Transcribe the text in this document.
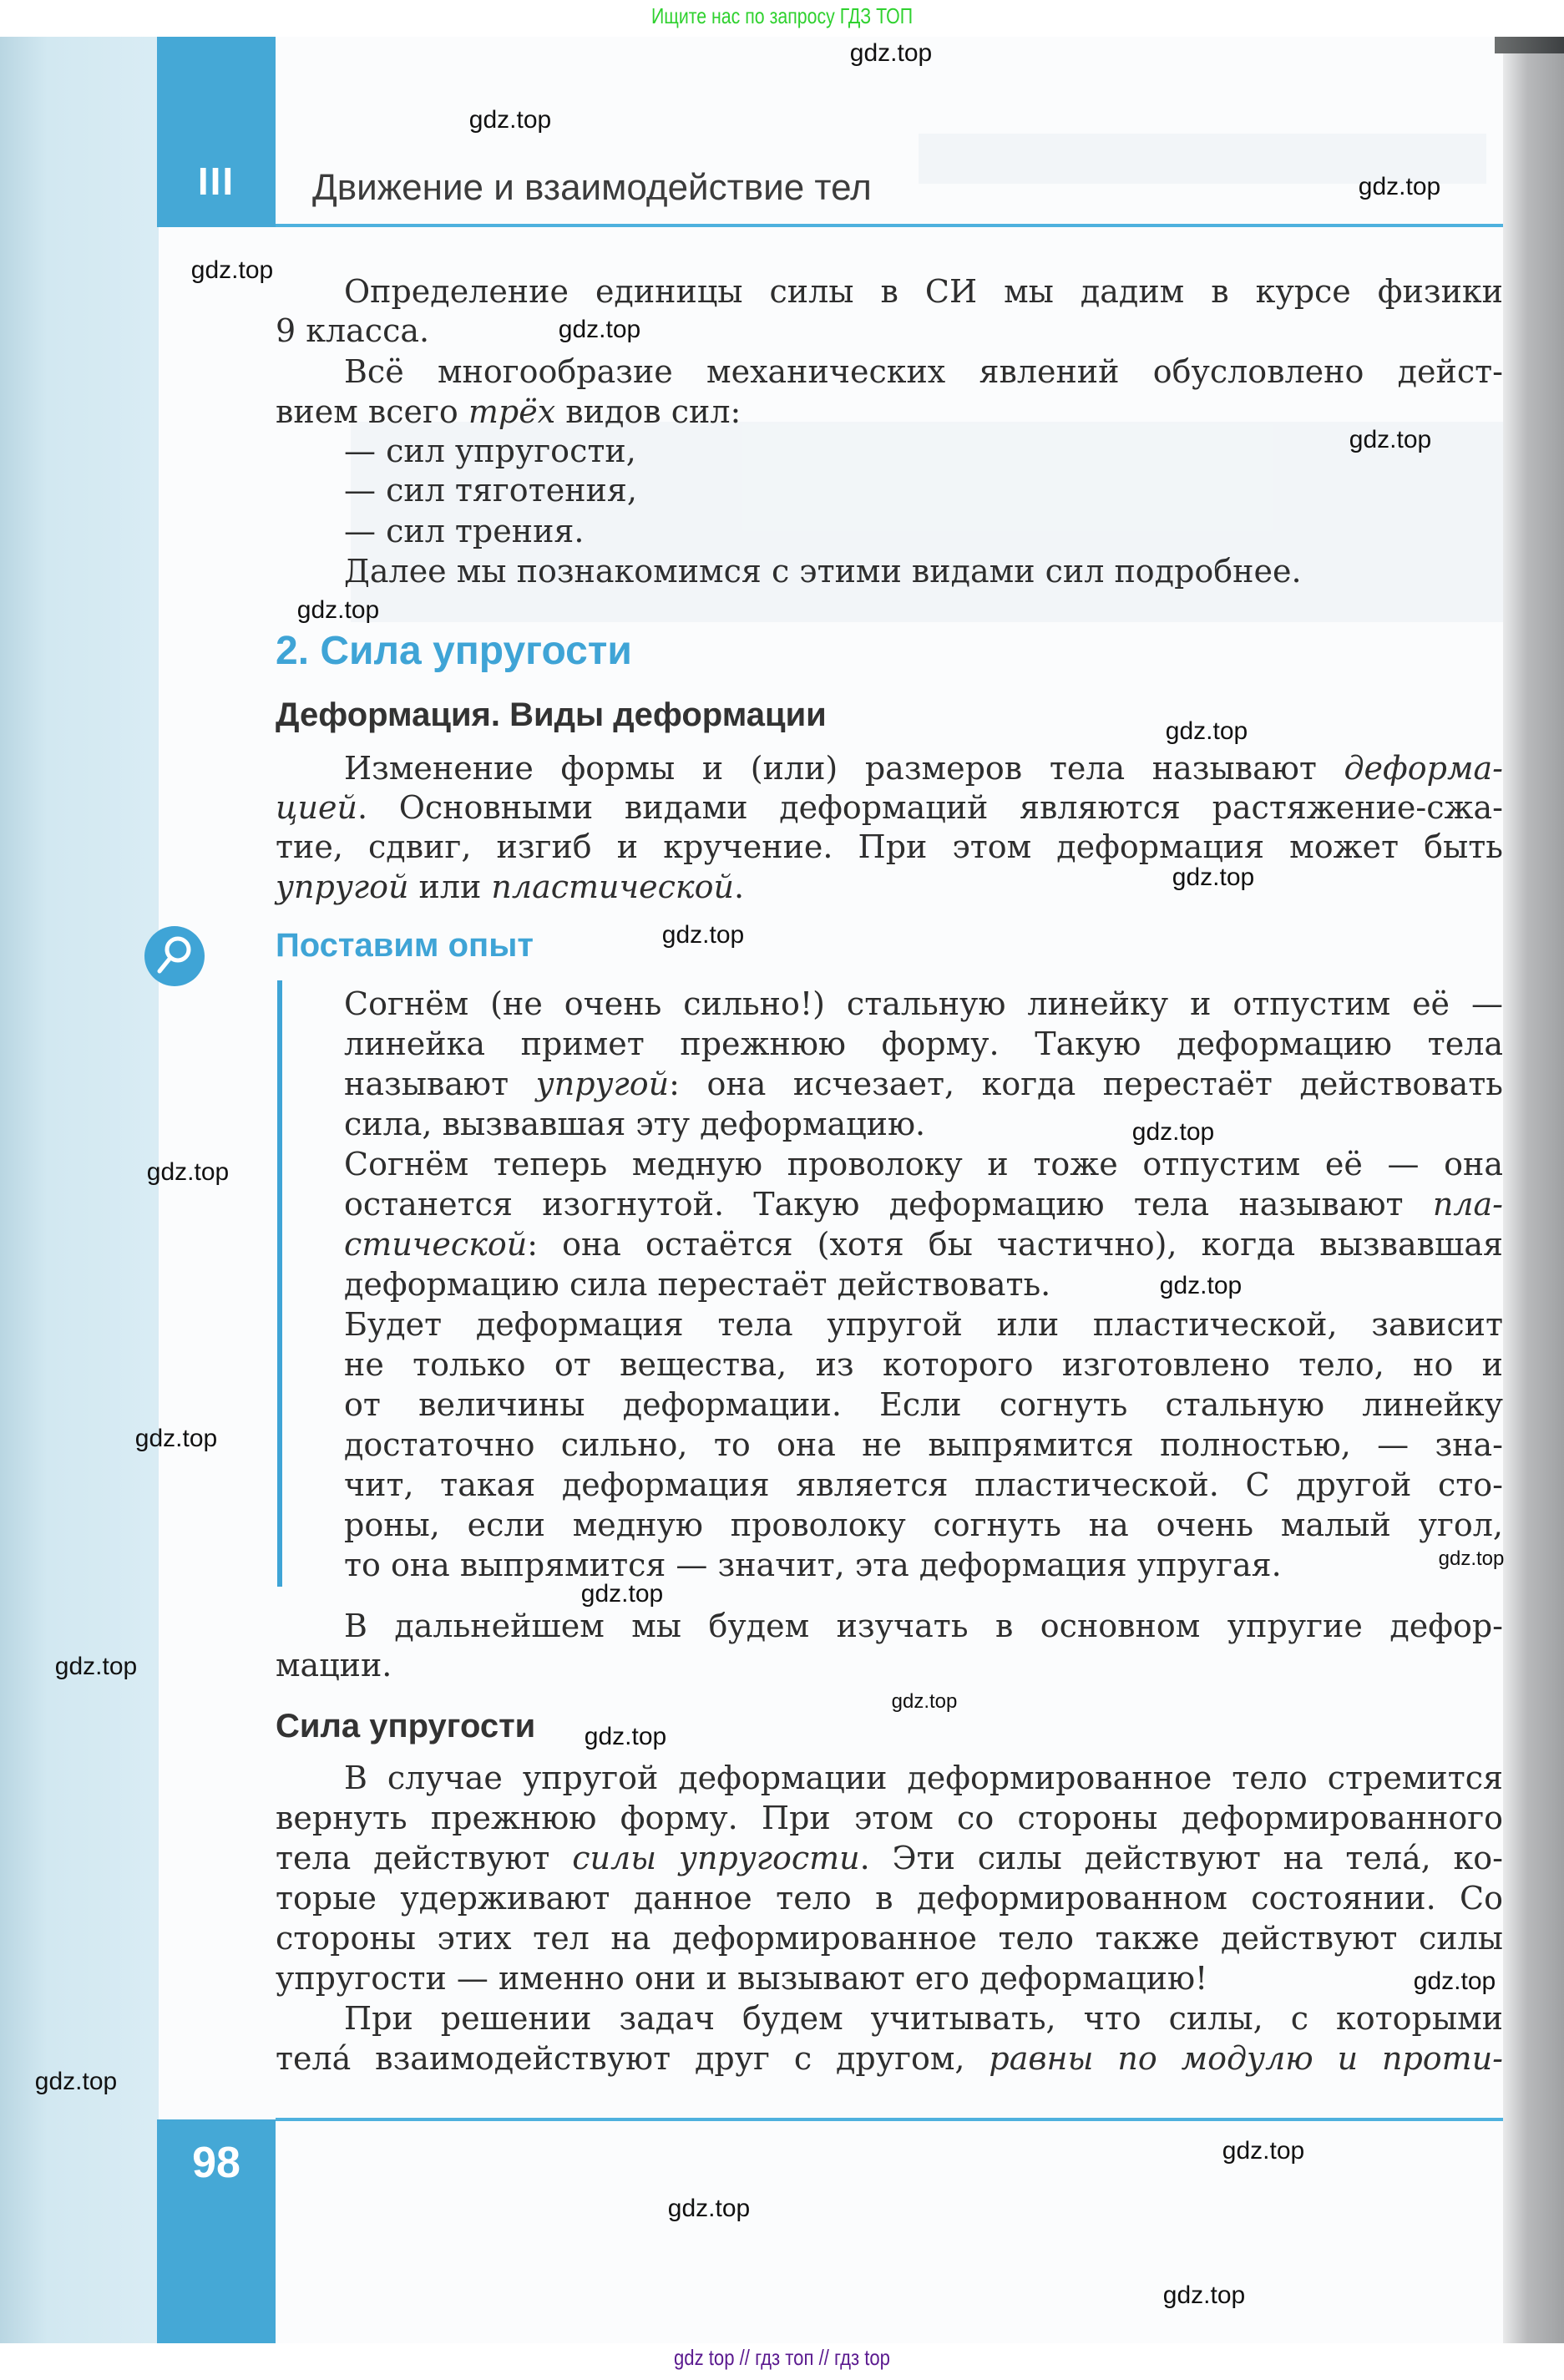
Ищите нас по запросу ГДЗ ТОП
III	Движение и взаимодействие тел
Определение единицы силы в СИ мы дадим в курсе физики
9 класса.
Всё многообразие механических явлений обусловлено дейст-
вием всего трёх видов сил:
— сил упругости,
— сил тяготения,
— сил трения.
Далее мы познакомимся с этими видами сил подробнее.
2. Сила упругости
Деформация. Виды деформации
Изменение формы и (или) размеров тела называют деформа-
цией. Основными видами деформаций являются растяжение-сжа-
тие, сдвиг, изгиб и кручение. При этом деформация может быть
упругой или пластической.
Поставим опыт
Согнём (не очень сильно!) стальную линейку и отпустим её —
линейка примет прежнюю форму. Такую деформацию тела
называют упругой: она исчезает, когда перестаёт действовать
сила, вызвавшая эту деформацию.
Согнём теперь медную проволоку и тоже отпустим её — она
останется изогнутой. Такую деформацию тела называют пла-
стической: она остаётся (хотя бы частично), когда вызвавшая
деформацию сила перестаёт действовать.
Будет деформация тела упругой или пластической, зависит
не только от вещества, из которого изготовлено тело, но и
от величины деформации. Если согнуть стальную линейку
достаточно сильно, то она не выпрямится полностью, — зна-
чит, такая деформация является пластической. С другой сто-
роны, если медную проволоку согнуть на очень малый угол,
то она выпрямится — значит, эта деформация упругая.
В дальнейшем мы будем изучать в основном упругие дефор-
мации.
Сила упругости
В случае упругой деформации деформированное тело стремится
вернуть прежнюю форму. При этом со стороны деформированного
тела действуют силы упругости. Эти силы действуют на тела́, ко-
торые удерживают данное тело в деформированном состоянии. Со
стороны этих тел на деформированное тело также действуют силы
упругости — именно они и вызывают его деформацию!
При решении задач будем учитывать, что силы, с которыми
тела́ взаимодействуют друг с другом, равны по модулю и проти-
98
gdz.top
gdz.top
gdz.top
gdz.top
gdz.top
gdz.top
gdz.top
gdz.top
gdz.top
gdz.top
gdz.top
gdz.top
gdz.top
gdz.top
gdz.top
gdz.top
gdz.top
gdz.top
gdz.top
gdz.top
gdz.top
gdz.top
gdz.top
gdz.top
gdz top // гдз топ // гдз top
